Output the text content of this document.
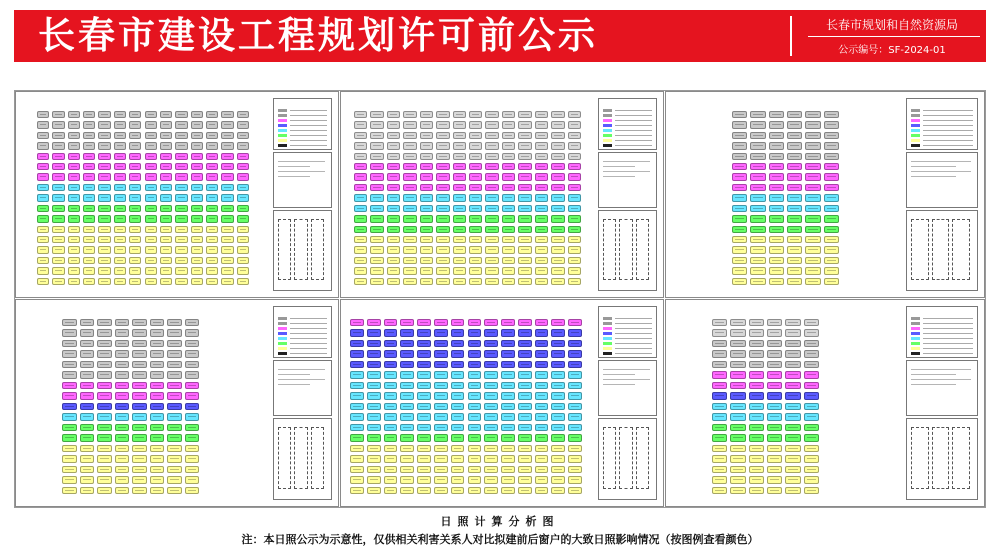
长春市建设工程规划许可前公示	长春市规划和自然资源局
公示编号：SF-2024-01
日照计算分析图
注：本日照公示为示意性，仅供相关利害关系人对比拟建前后窗户的大致日照影响情况（按图例查看颜色）
